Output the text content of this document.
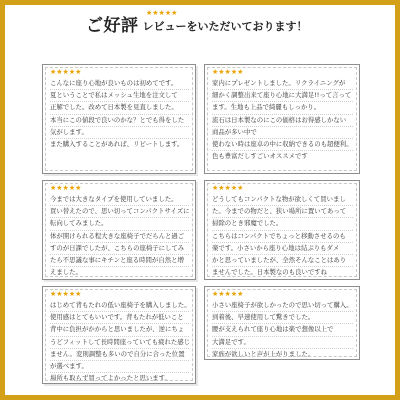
★★★★★
ご好評 レビューをいただいております！
★★★★★
こんなに座り心地が良いものは初めてです。
夏ということで私はメッシュ生地を注文して
正解でした。改めて日本製を見直しました。
本当にこの値段で良いのかな？とでも得をした
気がします。
また購入することがあれば、リピートします。
★★★★★
家内にプレゼントしました。リクライニングが
細かく調整出来て座り心地に大満足!!って言って
ます。生地も上品で綺麗もしっかり。
流石は日本製なのにこの価格はお得感しかない
商品が多い中で
使わない時は座卓の中に収納できるのも超便利。
色も豊富だしすごいオススメです
★★★★★
今までは大きなタイプを使用していました。
買い替えたので、思い切ってコンパクトサイズに
転向してみました。
体が開けられる程大きな座椅子でだらんと過ご
すのが日課でしたが、こちらの座椅子にしてみ
たら不思議な事にキチンと座る時間が自然と増
えました。
★★★★★
どうしてもコンパクトな物が欲しくて買いまし
た。今までの物だと、狭い場所に置いてあって
掃除のとき邪魔でした。
こちらはコンパクトでちょっと移動させるのも
楽です。小さいから座り心地は結ぶりもダメ
かと思っていましたが、全然そんなことはあり
ませんでした。日本製なのも良いですね
★★★★★
はじめて背もたれの低い座椅子を購入しました。
使用感はとてもいいです。背もたれが低いこと
背中に負担がかからと思いましたが、逆にちょ
うどフィットして長時間座っていても疲れた感じ
ません。変則調整も多いので自分に合った位置
が選べます。
場所も取らず買ってよかったと思います。
★★★★★
小さい座椅子が欲しかったので思い切って購入。
到着後、早速使用して驚きでした。
腰が支えられて座り心地は楽で想像以上で
大満足です。
家族が欲しいと声が上がりました。
